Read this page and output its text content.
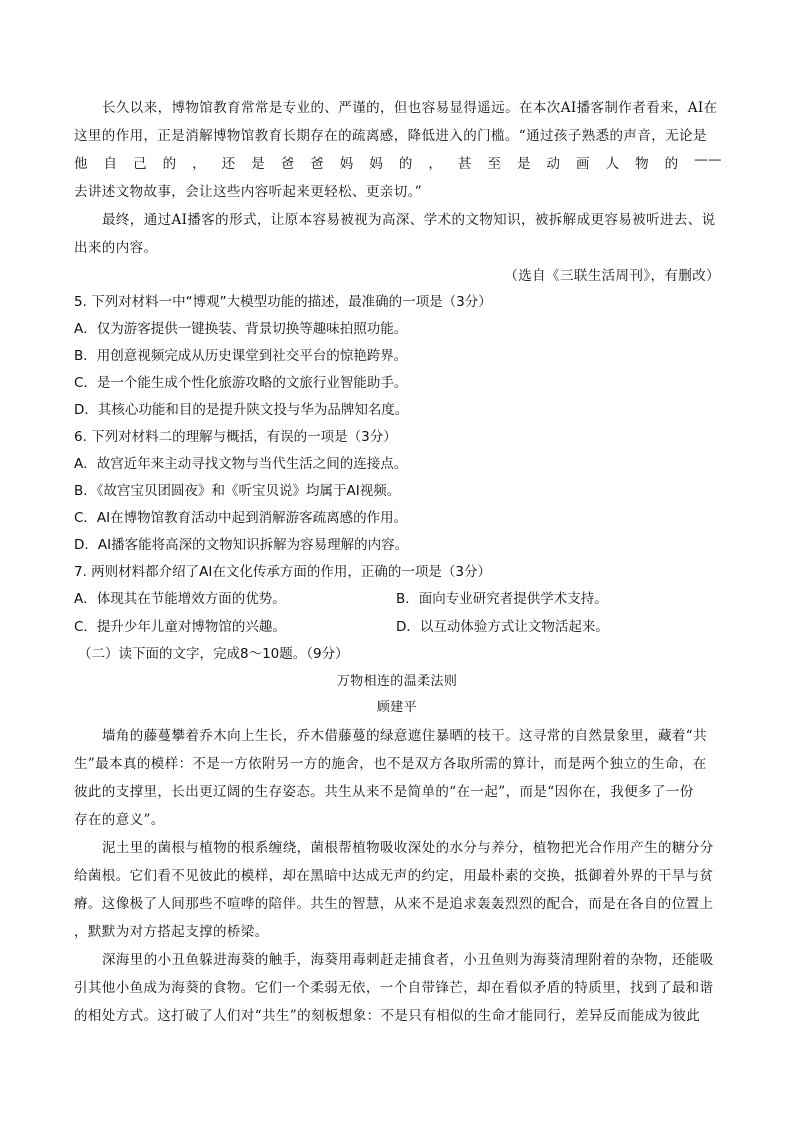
长久以来，博物馆教育常常是专业的、严谨的，但也容易显得遥远。在本次AI播客制作者看来，AI在
这里的作用，正是消解博物馆教育长期存在的疏离感，降低进入的门槛。“通过孩子熟悉的声音，无论是
他 自 己 的 ， 还 是 爸 爸 妈 妈 的 ， 甚 至 是 动 画 人 物 的 ——
去讲述文物故事，会让这些内容听起来更轻松、更亲切。”
最终，通过AI播客的形式，让原本容易被视为高深、学术的文物知识，被拆解成更容易被听进去、说
出来的内容。
（选自《三联生活周刊》，有删改）
5. 下列对材料一中“博观”大模型功能的描述，最准确的一项是（3分）
A．仅为游客提供一键换装、背景切换等趣味拍照功能。
B．用创意视频完成从历史课堂到社交平台的惊艳跨界。
C．是一个能生成个性化旅游攻略的文旅行业智能助手。
D．其核心功能和目的是提升陕文投与华为品牌知名度。
6. 下列对材料二的理解与概括，有误的一项是（3分）
A．故宫近年来主动寻找文物与当代生活之间的连接点。
B．《故宫宝贝团圆夜》和《听宝贝说》均属于AI视频。
C．AI在博物馆教育活动中起到消解游客疏离感的作用。
D．AI播客能将高深的文物知识拆解为容易理解的内容。
7. 两则材料都介绍了AI在文化传承方面的作用，正确的一项是（3分）
A．体现其在节能增效方面的优势。	B．面向专业研究者提供学术支持。
C．提升少年儿童对博物馆的兴趣。	D．以互动体验方式让文物活起来。
（二）读下面的文字，完成8～10题。（9分）
万物相连的温柔法则
顾建平
墙角的藤蔓攀着乔木向上生长，乔木借藤蔓的绿意遮住暴晒的枝干。这寻常的自然景象里，藏着“共
生”最本真的模样：不是一方依附另一方的施舍，也不是双方各取所需的算计，而是两个独立的生命，在
彼此的支撑里，长出更辽阔的生存姿态。共生从来不是简单的“在一起”，而是“因你在，我便多了一份
存在的意义”。
泥土里的菌根与植物的根系缠绕，菌根帮植物吸收深处的水分与养分，植物把光合作用产生的糖分分
给菌根。它们看不见彼此的模样，却在黑暗中达成无声的约定，用最朴素的交换，抵御着外界的干旱与贫
瘠。这像极了人间那些不喧哗的陪伴。共生的智慧，从来不是追求轰轰烈烈的配合，而是在各自的位置上
，默默为对方搭起支撑的桥梁。
深海里的小丑鱼躲进海葵的触手，海葵用毒刺赶走捕食者，小丑鱼则为海葵清理附着的杂物，还能吸
引其他小鱼成为海葵的食物。它们一个柔弱无依，一个自带锋芒，却在看似矛盾的特质里，找到了最和谐
的相处方式。这打破了人们对“共生”的刻板想象：不是只有相似的生命才能同行，差异反而能成为彼此
